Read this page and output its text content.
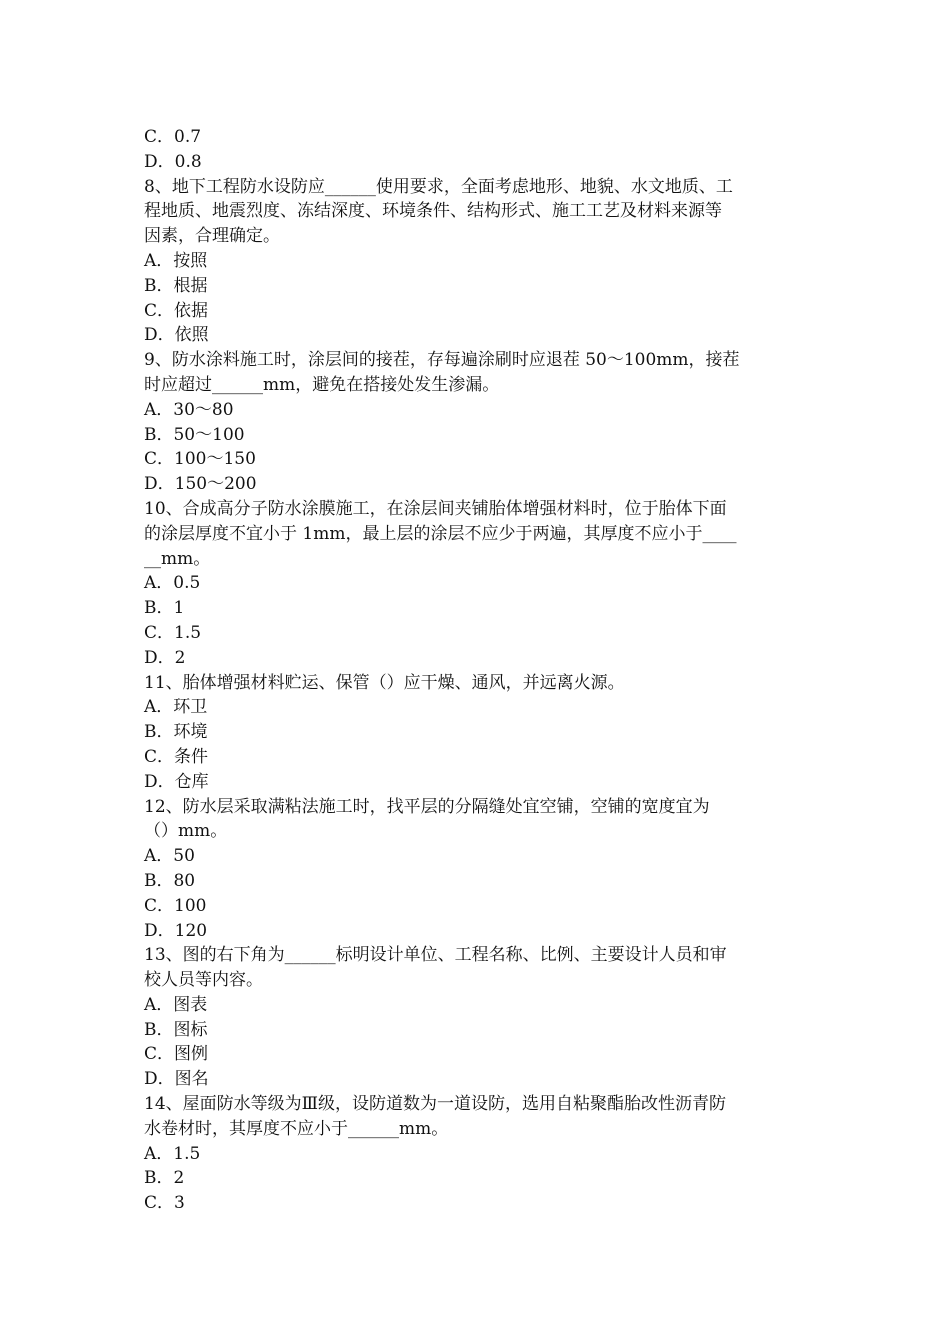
C．0.7
D．0.8
8、地下工程防水设防应______使用要求，全面考虑地形、地貌、水文地质、工
程地质、地震烈度、冻结深度、环境条件、结构形式、施工工艺及材料来源等
因素，合理确定。
A．按照
B．根据
C．依据
D．依照
9、防水涂料施工时，涂层间的接茬，存每遍涂刷时应退茬 50～100mm，接茬
时应超过______mm，避免在搭接处发生渗漏。
A．30～80
B．50～100
C．100～150
D．150～200
10、合成高分子防水涂膜施工，在涂层间夹铺胎体增强材料时，位于胎体下面
的涂层厚度不宜小于 1mm，最上层的涂层不应少于两遍，其厚度不应小于____
__mm。
A．0.5
B．1
C．1.5
D．2
11、胎体增强材料贮运、保管（）应干燥、通风，并远离火源。
A．环卫
B．环境
C．条件
D．仓库
12、防水层采取满粘法施工时，找平层的分隔缝处宜空铺，空铺的宽度宜为
（）mm。
A．50
B．80
C．100
D．120
13、图的右下角为______标明设计单位、工程名称、比例、主要设计人员和审
校人员等内容。
A．图表
B．图标
C．图例
D．图名
14、屋面防水等级为Ⅲ级，设防道数为一道设防，选用自粘聚酯胎改性沥青防
水卷材时，其厚度不应小于______mm。
A．1.5
B．2
C．3
